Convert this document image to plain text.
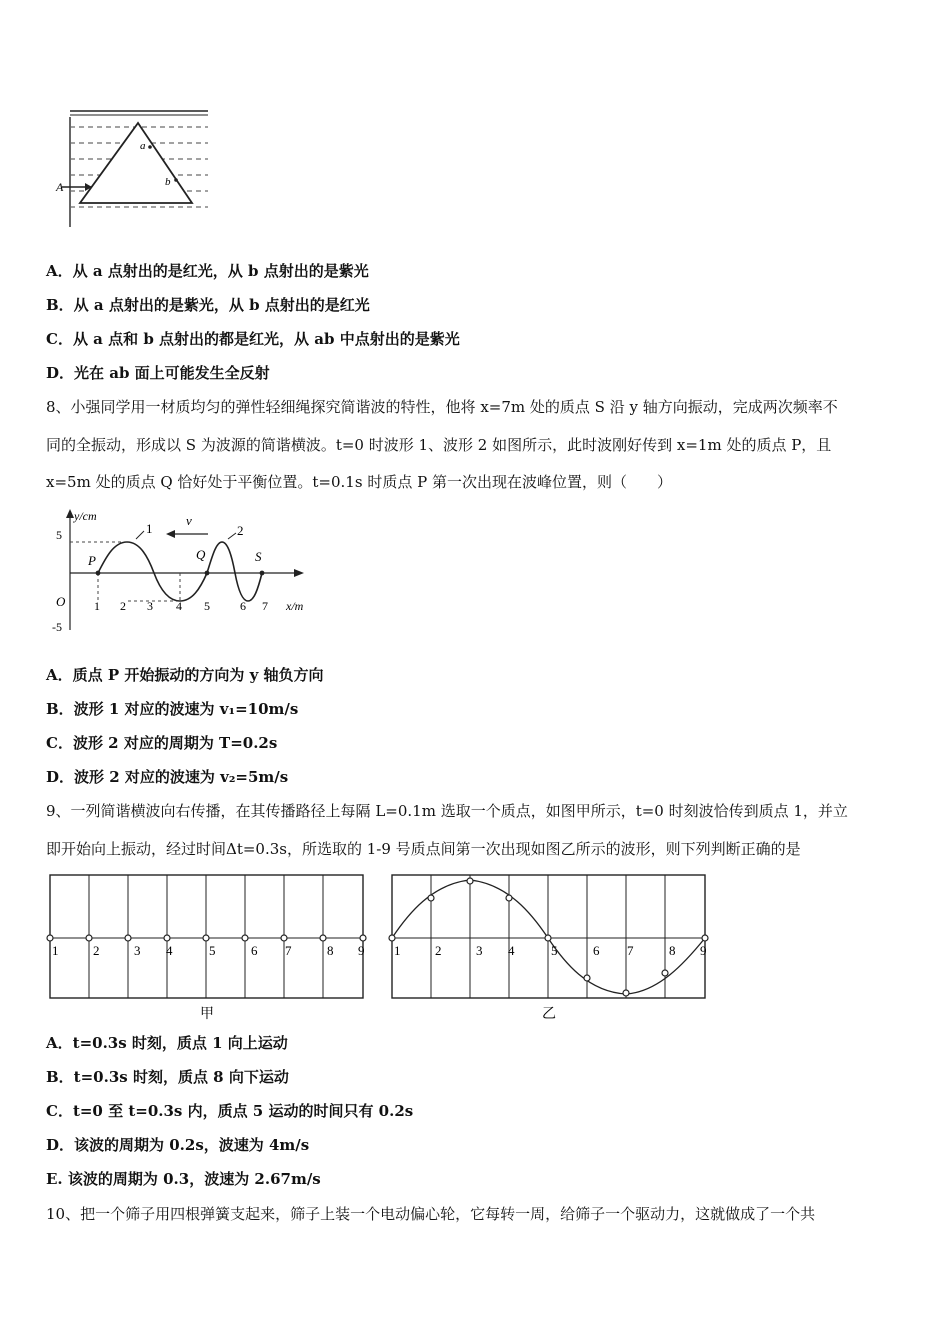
A
a
b
A．从 a 点射出的是红光，从 b 点射出的是紫光
B．从 a 点射出的是紫光，从 b 点射出的是红光
C．从 a 点和 b 点射出的都是红光，从 ab 中点射出的是紫光
D．光在 ab 面上可能发生全反射
8、小强同学用一材质均匀的弹性轻细绳探究简谐波的特性，他将 x=7m 处的质点 S 沿 y 轴方向振动，完成两次频率不
同的全振动，形成以 S 为波源的简谐横波。t=0 时波形 1、波形 2 如图所示，此时波刚好传到 x=1m 处的质点 P，且
x=5m 处的质点 Q 恰好处于平衡位置。t=0.1s 时质点 P 第一次出现在波峰位置，则（　　）
y/cm
x/m
5
-5
O
P	Q	S
1	2
v
1 2 3 4 5	6 7
A．质点 P 开始振动的方向为 y 轴负方向
B．波形 1 对应的波速为 v₁=10m/s
C．波形 2 对应的周期为 T=0.2s
D．波形 2 对应的波速为 v₂=5m/s
9、一列简谐横波向右传播，在其传播路径上每隔 L=0.1m 选取一个质点，如图甲所示，t=0 时刻波恰传到质点 1，并立
即开始向上振动，经过时间Δt=0.3s，所选取的 1-9 号质点间第一次出现如图乙所示的波形，则下列判断正确的是
1	2	3 4	5	6 7	8 9
甲
1	2	3 4	5	6 7	8 9
乙
A．t=0.3s 时刻，质点 1 向上运动
B．t=0.3s 时刻，质点 8 向下运动
C．t=0 至 t=0.3s 内，质点 5 运动的时间只有 0.2s
D．该波的周期为 0.2s，波速为 4m/s
E. 该波的周期为 0.3，波速为 2.67m/s
10、把一个筛子用四根弹簧支起来，筛子上装一个电动偏心轮，它每转一周，给筛子一个驱动力，这就做成了一个共
